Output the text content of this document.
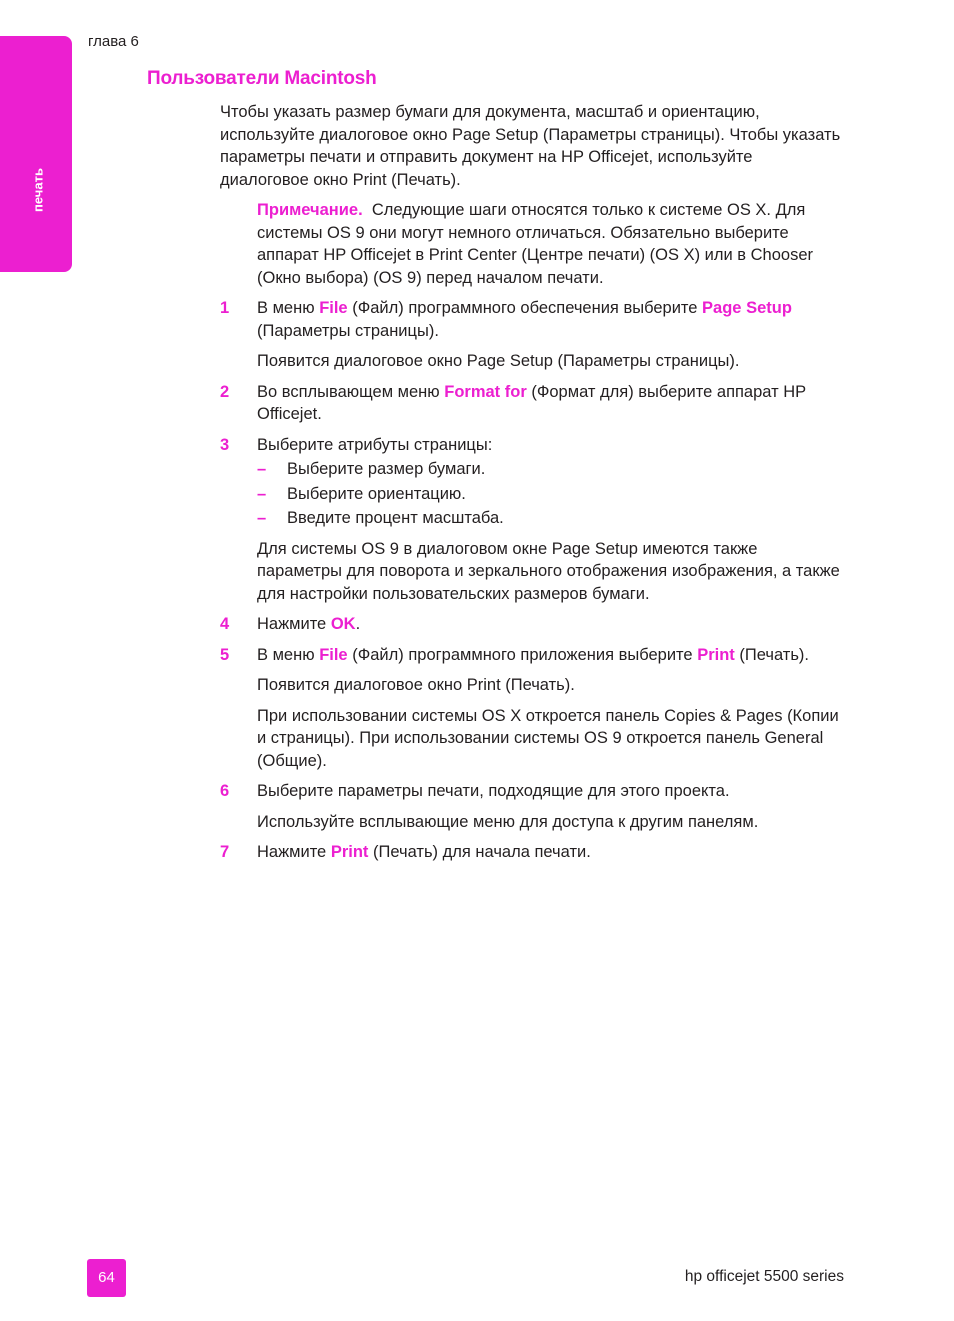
печать
глава 6
Пользователи Macintosh

Чтобы указать размер бумаги для документа, масштаб и ориентацию, используйте диалоговое окно Page Setup (Параметры страницы). Чтобы указать параметры печати и отправить документ на HP Officejet, используйте диалоговое окно Print (Печать).

Примечание. Следующие шаги относятся только к системе OS X. Для системы OS 9 они могут немного отличаться. Обязательно выберите аппарат HP Officejet в Print Center (Центре печати) (OS X) или в Chooser (Окно выбора) (OS 9) перед началом печати.

1 В меню File (Файл) программного обеспечения выберите Page Setup (Параметры страницы).

Появится диалоговое окно Page Setup (Параметры страницы).

2 Во всплывающем меню Format for (Формат для) выберите аппарат HP Officejet.
3 Выберите атрибуты страницы:
– Выберите размер бумаги.
– Выберите ориентацию.
– Введите процент масштаба.

Для системы OS 9 в диалоговом окне Page Setup имеются также параметры для поворота и зеркального отображения изображения, а также для настройки пользовательских размеров бумаги.

4 Нажмите OK.
5 В меню File (Файл) программного приложения выберите Print (Печать).

Появится диалоговое окно Print (Печать).

При использовании системы OS X откроется панель Copies & Pages (Копии и страницы). При использовании системы OS 9 откроется панель General (Общие).

6 Выберите параметры печати, подходящие для этого проекта.

Используйте всплывающие меню для доступа к другим панелям.

7 Нажмите Print (Печать) для начала печати.
64	hp officejet 5500 series
